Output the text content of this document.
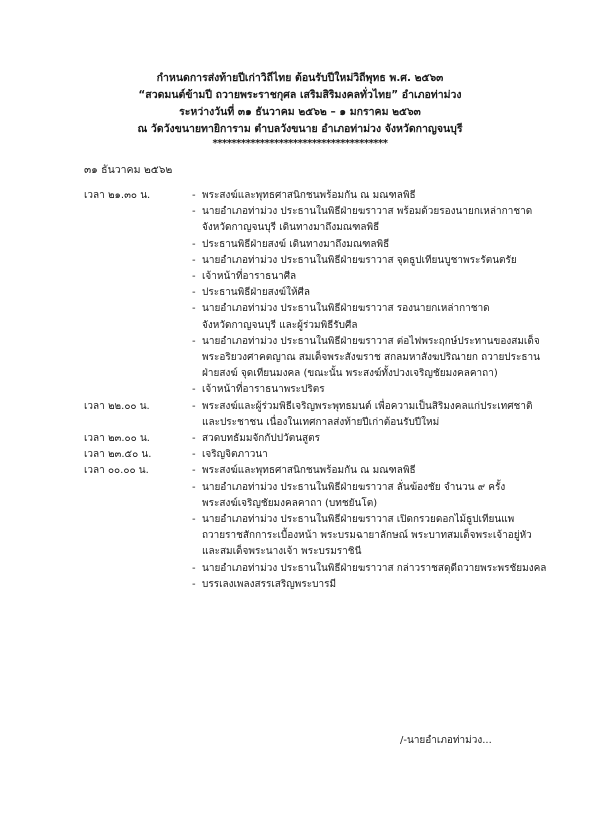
กำหนดการส่งท้ายปีเก่าวิถีไทย ต้อนรับปีใหม่วิถีพุทธ พ.ศ. ๒๕๖๓
“สวดมนต์ข้ามปี ถวายพระราชกุศล เสริมสิริมงคลทั่วไทย” อำเภอท่าม่วง
ระหว่างวันที่ ๓๑ ธันวาคม ๒๕๖๒ – ๑ มกราคม ๒๕๖๓
ณ วัดวังขนายทายิการาม ตำบลวังขนาย อำเภอท่าม่วง จังหวัดกาญจนบุรี
*************************************
๓๑ ธันวาคม ๒๕๖๒
เวลา ๒๑.๓๐ น.	- พระสงฆ์และพุทธศาสนิกชนพร้อมกัน ณ มณฑลพิธี
- นายอำเภอท่าม่วง ประธานในพิธีฝ่ายฆราวาส พร้อมด้วยรองนายกเหล่ากาชาด
จังหวัดกาญจนบุรี เดินทางมาถึงมณฑลพิธี
- ประธานพิธีฝ่ายสงฆ์ เดินทางมาถึงมณฑลพิธี
- นายอำเภอท่าม่วง ประธานในพิธีฝ่ายฆราวาส จุดธูปเทียนบูชาพระรัตนตรัย
- เจ้าหน้าที่อาราธนาศีล
- ประธานพิธีฝ่ายสงฆ์ให้ศีล
- นายอำเภอท่าม่วง ประธานในพิธีฝ่ายฆราวาส รองนายกเหล่ากาชาด
จังหวัดกาญจนบุรี และผู้ร่วมพิธีรับศีล
- นายอำเภอท่าม่วง ประธานในพิธีฝ่ายฆราวาส ต่อไฟพระฤกษ์ประทานของสมเด็จ
พระอริยวงศาคตญาณ สมเด็จพระสังฆราช สกลมหาสังฆปริณายก ถวายประธาน
ฝ่ายสงฆ์ จุดเทียนมงคล (ขณะนั้น พระสงฆ์ทั้งปวงเจริญชัยมงคลคาถา)
- เจ้าหน้าที่อาราธนาพระปริตร
เวลา ๒๒.๐๐ น.	- พระสงฆ์และผู้ร่วมพิธีเจริญพระพุทธมนต์ เพื่อความเป็นสิริมงคลแก่ประเทศชาติ
และประชาชน เนื่องในเทศกาลส่งท้ายปีเก่าต้อนรับปีใหม่
เวลา ๒๓.๐๐ น.	- สวดบทธัมมจักกัปปวัตนสูตร
เวลา ๒๓.๕๐ น.	- เจริญจิตภาวนา
เวลา ๐๐.๐๐ น.	- พระสงฆ์และพุทธศาสนิกชนพร้อมกัน ณ มณฑลพิธี
- นายอำเภอท่าม่วง ประธานในพิธีฝ่ายฆราวาส ลั่นฆ้องชัย จำนวน ๙ ครั้ง
พระสงฆ์เจริญชัยมงคลคาถา (บทชยันโต)
- นายอำเภอท่าม่วง ประธานในพิธีฝ่ายฆราวาส เปิดกรวยดอกไม้ธูปเทียนแพ
ถวายราชสักการะเบื้องหน้า พระบรมฉายาลักษณ์ พระบาทสมเด็จพระเจ้าอยู่หัว
และสมเด็จพระนางเจ้า พระบรมราชินี
- นายอำเภอท่าม่วง ประธานในพิธีฝ่ายฆราวาส กล่าวราชสดุดีถวายพระพรชัยมงคล
- บรรเลงเพลงสรรเสริญพระบารมี
/-นายอำเภอท่าม่วง...
